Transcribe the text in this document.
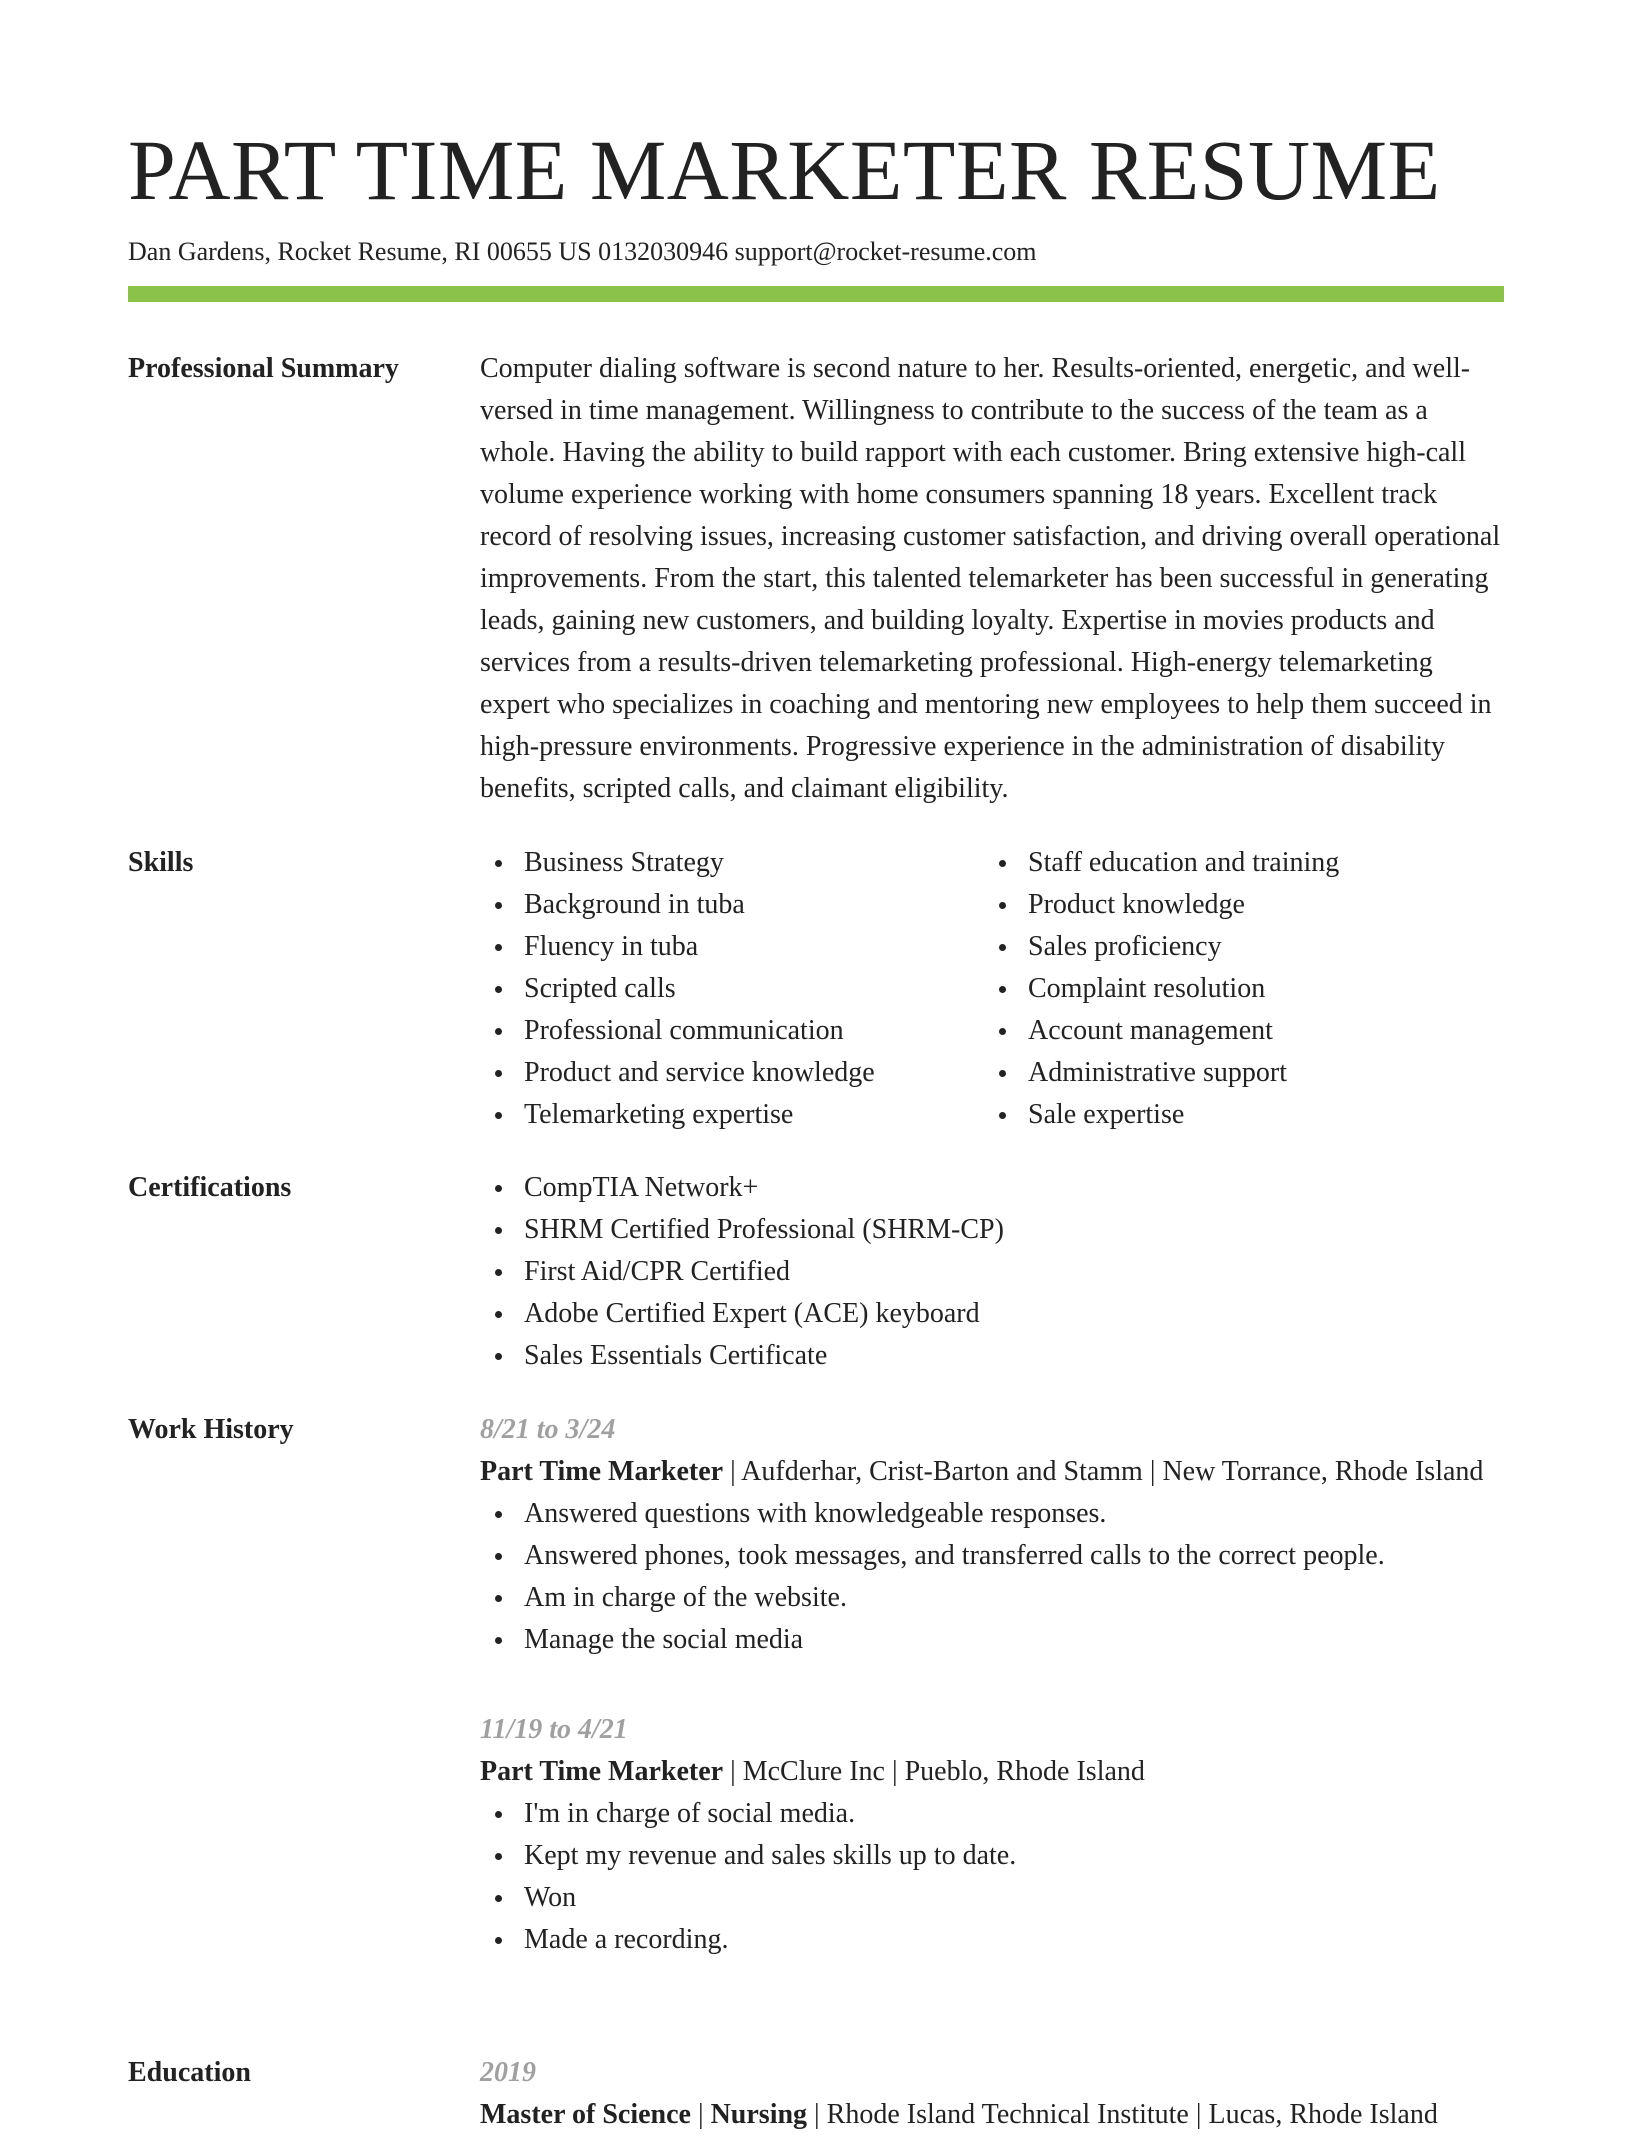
PART TIME MARKETER RESUME
Dan Gardens, Rocket Resume, RI 00655 US 0132030946 support@rocket-resume.com
Professional Summary	Computer dialing software is second nature to her. Results-oriented, energetic, and well-versed in time management. Willingness to contribute to the success of the team as a whole. Having the ability to build rapport with each customer. Bring extensive high-call volume experience working with home consumers spanning 18 years. Excellent track record of resolving issues, increasing customer satisfaction, and driving overall operational improvements. From the start, this talented telemarketer has been successful in generating leads, gaining new customers, and building loyalty. Expertise in movies products and services from a results-driven telemarketing professional. High-energy telemarketing expert who specializes in coaching and mentoring new employees to help them succeed in high-pressure environments. Progressive experience in the administration of disability benefits, scripted calls, and claimant eligibility.

Skills	Business Strategy
Background in tuba
Fluency in tuba
Scripted calls
Professional communication
Product and service knowledge
Telemarketing expertise
Staff education and training
Product knowledge
Sales proficiency
Complaint resolution
Account management
Administrative support
Sale expertise
Certifications	CompTIA Network+
SHRM Certified Professional (SHRM-CP)
First Aid/CPR Certified
Adobe Certified Expert (ACE) keyboard
Sales Essentials Certificate
Work History	8/21 to 3/24
Part Time Marketer | Aufderhar, Crist-Barton and Stamm | New Torrance, Rhode Island
Answered questions with knowledgeable responses.
Answered phones, took messages, and transferred calls to the correct people.
Am in charge of the website.
Manage the social media
11/19 to 4/21
Part Time Marketer | McClure Inc | Pueblo, Rhode Island
I'm in charge of social media.
Kept my revenue and sales skills up to date.
Won
Made a recording.
Education	2019
Master of Science | Nursing | Rhode Island Technical Institute | Lucas, Rhode Island
